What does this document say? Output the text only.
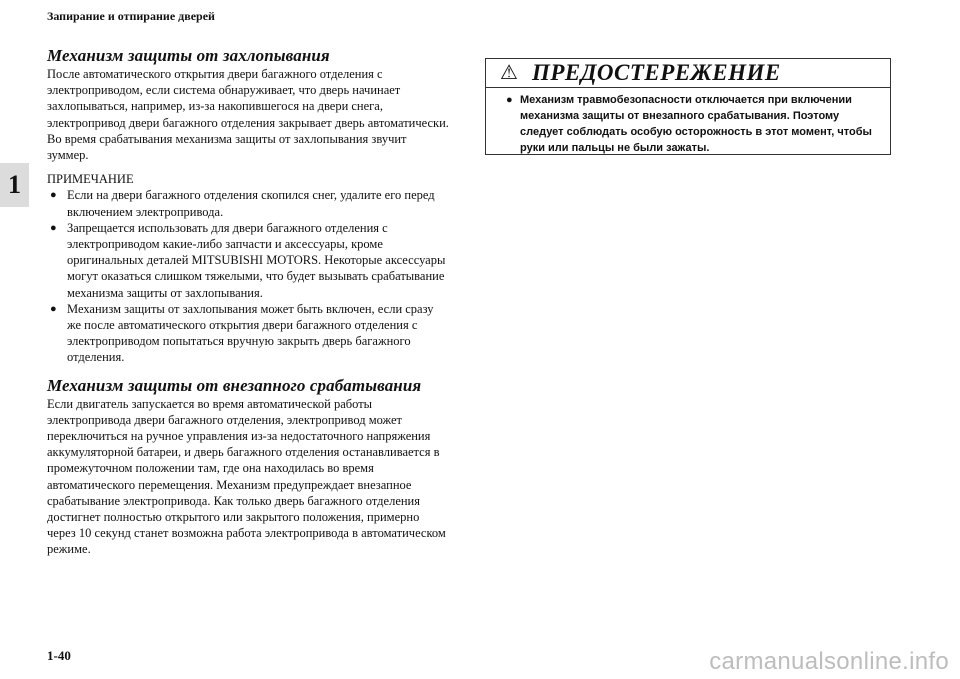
Запирание и отпирание дверей
1
Механизм защиты от захлопывания

После автоматического открытия двери багажного отделения с электроприводом, если система обнаруживает, что дверь начинает захлопываться, например, из-за накопившегося на двери снега, электропривод двери багажного отделения закрывает дверь автоматически.

Во время срабатывания механизма защиты от захлопывания звучит зуммер.

ПРИМЕЧАНИЕ
● Если на двери багажного отделения скопился снег, удалите его перед включением электропривода.
● Запрещается использовать для двери багажного отделения с электроприводом какие-либо запчасти и аксессуары, кроме оригинальных деталей MITSUBISHI MOTORS. Некоторые аксессуары могут оказаться слишком тяжелыми, что будет вызывать срабатывание механизма защиты от захлопывания.
● Механизм защиты от захлопывания может быть включен, если сразу же после автоматического открытия двери багажного отделения с электроприводом попытаться вручную закрыть дверь багажного отделения.
Механизм защиты от внезапного срабатывания

Если двигатель запускается во время автоматической работы электропривода двери багажного отделения, электропривод может переключиться на ручное управления из-за недостаточного напряжения аккумуляторной батареи, и дверь багажного отделения останавливается в промежуточном положении там, где она находилась во время автоматического перемещения. Механизм предупреждает внезапное срабатывание электропривода. Как только дверь багажного отделения достигнет полностью открытого или закрытого положения, примерно через 10 секунд станет возможна работа электропривода в автоматическом режиме.

⚠ ПРЕДОСТЕРЕЖЕНИЕ
● Механизм травмобезопасности отключается при включении механизма защиты от внезапного срабатывания. Поэтому следует соблюдать особую осторожность в этот момент, чтобы руки или пальцы не были зажаты.
1-40	carmanualsonline.info
